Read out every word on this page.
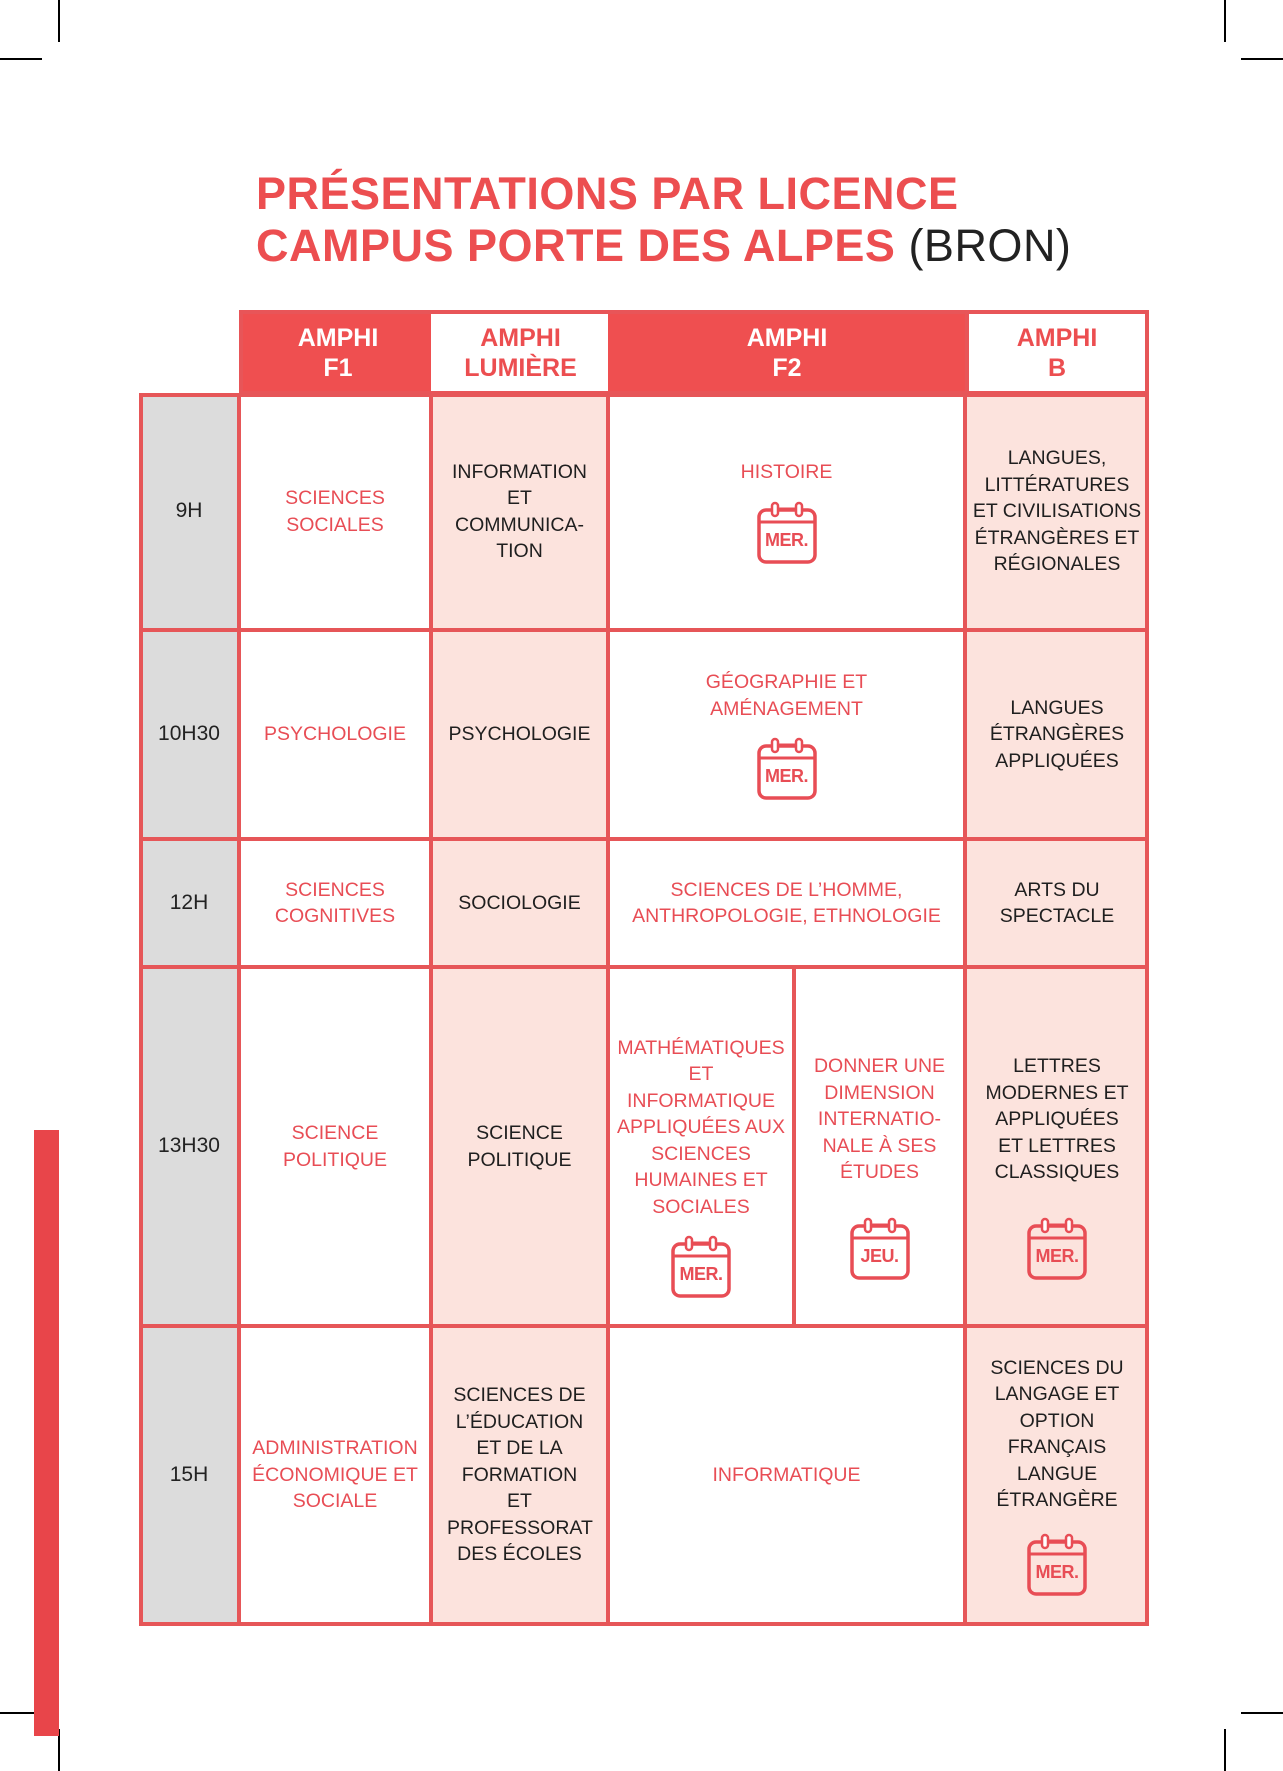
PRÉSENTATIONS PAR LICENCE
CAMPUS PORTE DES ALPES (BRON)
AMPHI
F1
AMPHI
LUMIÈRE
AMPHI
F2
AMPHI
B
9H
10H30
12H
13H30
15H
SCIENCES SOCIALES
INFORMATION ET COMMUNICA-TION
HISTOIRE
MER.
LANGUES, LITTÉRATURES ET CIVILISATIONS ÉTRANGÈRES ET RÉGIONALES
PSYCHOLOGIE	PSYCHOLOGIE
GÉOGRAPHIE ET AMÉNAGEMENT
MER.
LANGUES ÉTRANGÈRES APPLIQUÉES
SCIENCES COGNITIVES
SOCIOLOGIE
SCIENCES DE L’HOMME, ANTHROPOLOGIE, ETHNOLOGIE
ARTS DU SPECTACLE
SCIENCE POLITIQUE
SCIENCE POLITIQUE
MATHÉMATIQUES ET INFORMATIQUE APPLIQUÉES AUX SCIENCES HUMAINES ET SOCIALES
MER.
DONNER UNE DIMENSION INTERNATIO-NALE À SES ÉTUDES
JEU.
LETTRES MODERNES ET APPLIQUÉES ET LETTRES CLASSIQUES
MER.
ADMINISTRATION ÉCONOMIQUE ET SOCIALE
SCIENCES DE L’ÉDUCATION ET DE LA FORMATION ET PROFESSORAT DES ÉCOLES
INFORMATIQUE
SCIENCES DU LANGAGE ET OPTION FRANÇAIS LANGUE ÉTRANGÈRE
MER.
